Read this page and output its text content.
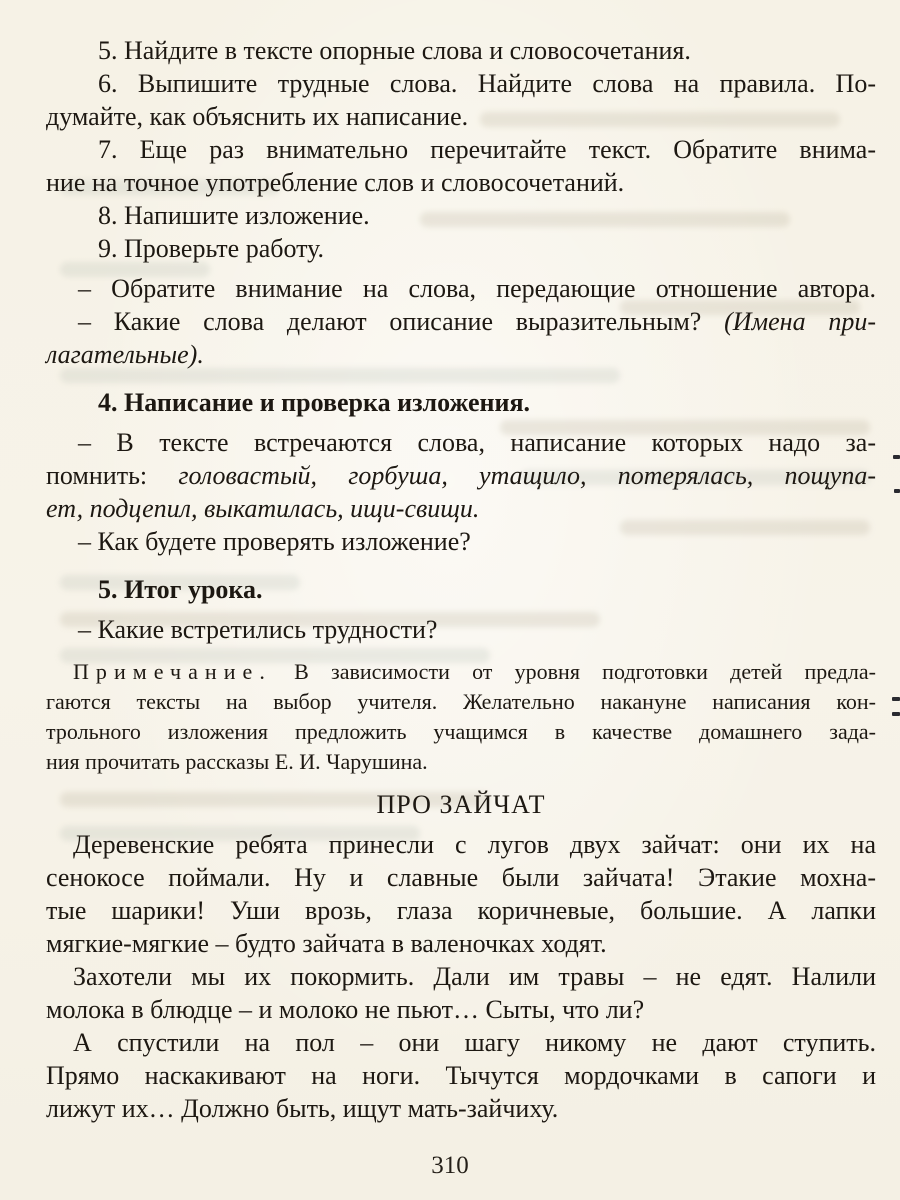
5. Найдите в тексте опорные слова и словосочетания.
6. Выпишите трудные слова. Найдите слова на правила. По-
думайте, как объяснить их написание.
7. Еще раз внимательно перечитайте текст. Обратите внима-
ние на точное употребление слов и словосочетаний.
8. Напишите изложение.
9. Проверьте работу.
– Обратите внимание на слова, передающие отношение автора.
– Какие слова делают описание выразительным? (Имена при-
лагательные).
4. Написание и проверка изложения.
– В тексте встречаются слова, написание которых надо за-
помнить: головастый, горбуша, утащило, потерялась, пощупа-
ет, подцепил, выкатилась, ищи-свищи.
– Как будете проверять изложение?
5. Итог урока.
– Какие встретились трудности?
Примечание. В зависимости от уровня подготовки детей предла-
гаются тексты на выбор учителя. Желательно накануне написания кон-
трольного изложения предложить учащимся в качестве домашнего зада-
ния прочитать рассказы Е. И. Чарушина.
ПРО ЗАЙЧАТ
Деревенские ребята принесли с лугов двух зайчат: они их на
сенокосе поймали. Ну и славные были зайчата! Этакие мохна-
тые шарики! Уши врозь, глаза коричневые, большие. А лапки
мягкие-мягкие – будто зайчата в валеночках ходят.
Захотели мы их покормить. Дали им травы – не едят. Налили
молока в блюдце – и молоко не пьют… Сыты, что ли?
А спустили на пол – они шагу никому не дают ступить.
Прямо наскакивают на ноги. Тычутся мордочками в сапоги и
лижут их… Должно быть, ищут мать-зайчиху.
310
